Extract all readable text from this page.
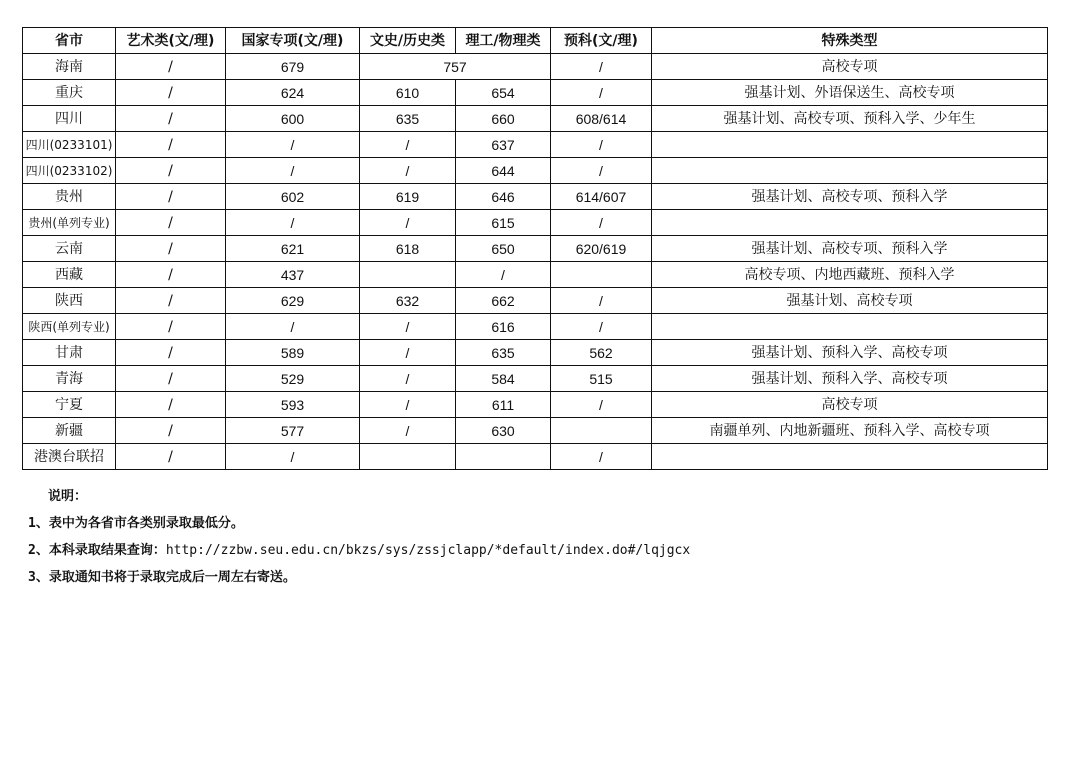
省市	艺术类(文/理)	国家专项(文/理)	文史/历史类	理工/物理类	预科(文/理)	特殊类型
海南	/	679	757		/	高校专项
重庆	/	624	610	654	/	强基计划、外语保送生、高校专项
四川	/	600	635	660	608/614	强基计划、高校专项、预科入学、少年生
四川(0233101)	/	/	/	637	/	
四川(0233102)	/	/	/	644	/	
贵州	/	602	619	646	614/607	强基计划、高校专项、预科入学
贵州(单列专业)	/	/	/	615	/	
云南	/	621	618	650	620/619	强基计划、高校专项、预科入学
西藏	/	437		/		高校专项、内地西藏班、预科入学
陕西	/	629	632	662	/	强基计划、高校专项
陕西(单列专业)	/	/	/	616	/	
甘肃	/	589	/	635	562	强基计划、预科入学、高校专项
青海	/	529	/	584	515	强基计划、预科入学、高校专项
宁夏	/	593	/	611	/	高校专项
新疆	/	577	/	630		南疆单列、内地新疆班、预科入学、高校专项
港澳台联招	/	/			/	
说明：
1、表中为各省市各类别录取最低分。
2、本科录取结果查询：http://zzbw.seu.edu.cn/bkzs/sys/zssjclapp/*default/index.do#/lqjgcx
3、录取通知书将于录取完成后一周左右寄送。
